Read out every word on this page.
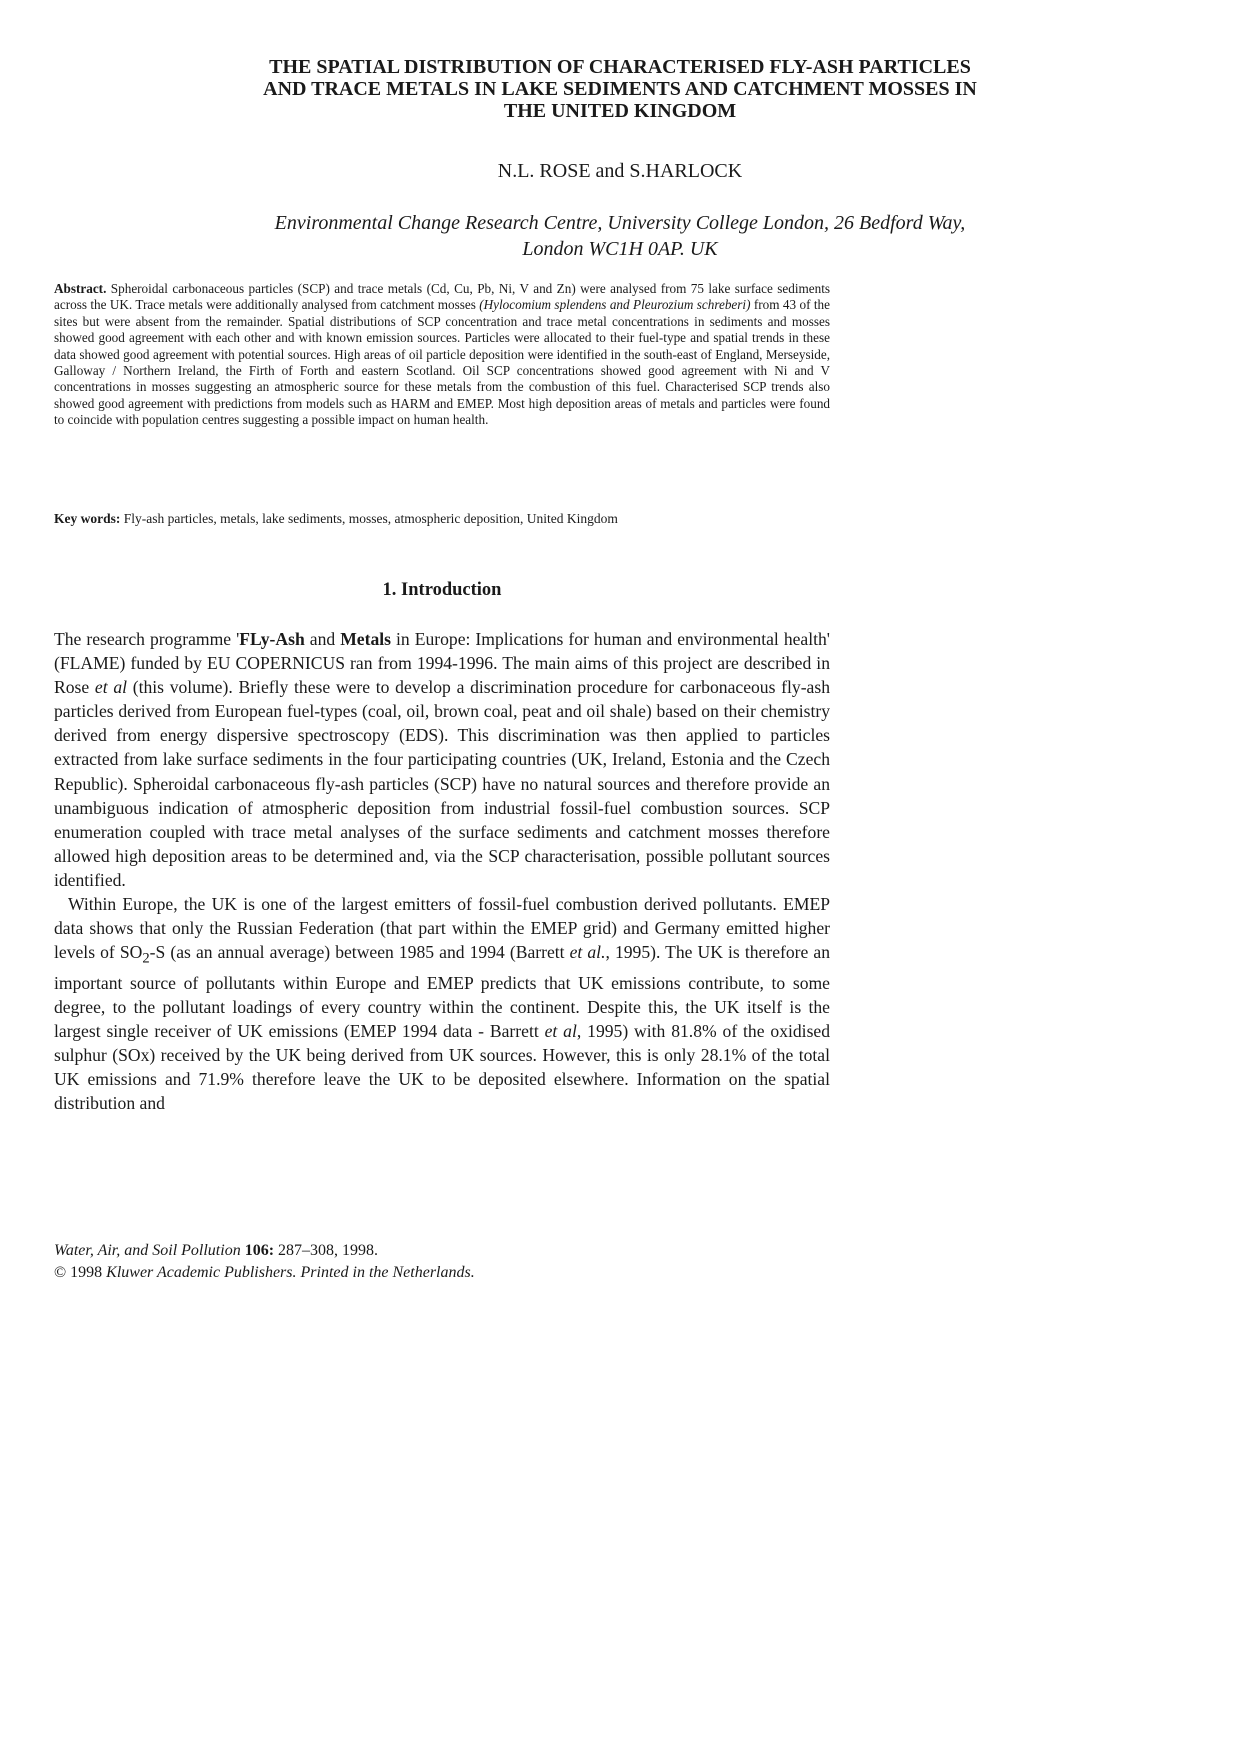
THE SPATIAL DISTRIBUTION OF CHARACTERISED FLY-ASH PARTICLES
AND TRACE METALS IN LAKE SEDIMENTS AND CATCHMENT MOSSES IN
THE UNITED KINGDOM
N.L. ROSE and S.HARLOCK
Environmental Change Research Centre, University College London, 26 Bedford Way,
London WC1H 0AP. UK
Abstract. Spheroidal carbonaceous particles (SCP) and trace metals (Cd, Cu, Pb, Ni, V and Zn) were analysed from 75 lake surface sediments across the UK. Trace metals were additionally analysed from catchment mosses (Hylocomium splendens and Pleurozium schreberi) from 43 of the sites but were absent from the remainder. Spatial distributions of SCP concentration and trace metal concentrations in sediments and mosses showed good agreement with each other and with known emission sources. Particles were allocated to their fuel-type and spatial trends in these data showed good agreement with potential sources. High areas of oil particle deposition were identified in the south-east of England, Merseyside, Galloway / Northern Ireland, the Firth of Forth and eastern Scotland. Oil SCP concentrations showed good agreement with Ni and V concentrations in mosses suggesting an atmospheric source for these metals from the combustion of this fuel. Characterised SCP trends also showed good agreement with predictions from models such as HARM and EMEP. Most high deposition areas of metals and particles were found to coincide with population centres suggesting a possible impact on human health.
Key words: Fly-ash particles, metals, lake sediments, mosses, atmospheric deposition, United Kingdom
1. Introduction

The research programme 'FLy-Ash and Metals in Europe: Implications for human and environmental health' (FLAME) funded by EU COPERNICUS ran from 1994-1996. The main aims of this project are described in Rose et al (this volume). Briefly these were to develop a discrimination procedure for carbonaceous fly-ash particles derived from European fuel-types (coal, oil, brown coal, peat and oil shale) based on their chemistry derived from energy dispersive spectroscopy (EDS). This discrimination was then applied to particles extracted from lake surface sediments in the four participating countries (UK, Ireland, Estonia and the Czech Republic). Spheroidal carbonaceous fly-ash particles (SCP) have no natural sources and therefore provide an unambiguous indication of atmospheric deposition from industrial fossil-fuel combustion sources. SCP enumeration coupled with trace metal analyses of the surface sediments and catchment mosses therefore allowed high deposition areas to be determined and, via the SCP characterisation, possible pollutant sources identified.

Within Europe, the UK is one of the largest emitters of fossil-fuel combustion derived pollutants. EMEP data shows that only the Russian Federation (that part within the EMEP grid) and Germany emitted higher levels of $SO_2-S$ (as an annual average) between 1985 and 1994 (Barrett et al., 1995). The UK is therefore an important source of pollutants within Europe and EMEP predicts that UK emissions contribute, to some degree, to the pollutant loadings of every country within the continent. Despite this, the UK itself is the largest single receiver of UK emissions (EMEP 1994 data - Barrett et al, 1995) with 81.8% of the oxidised sulphur (SOx) received by the UK being derived from UK sources. However, this is only 28.1% of the total UK emissions and 71.9% therefore leave the UK to be deposited elsewhere. Information on the spatial distribution and

Water, Air, and Soil Pollution 106: 287–308, 1998.
© 1998 Kluwer Academic Publishers. Printed in the Netherlands.
